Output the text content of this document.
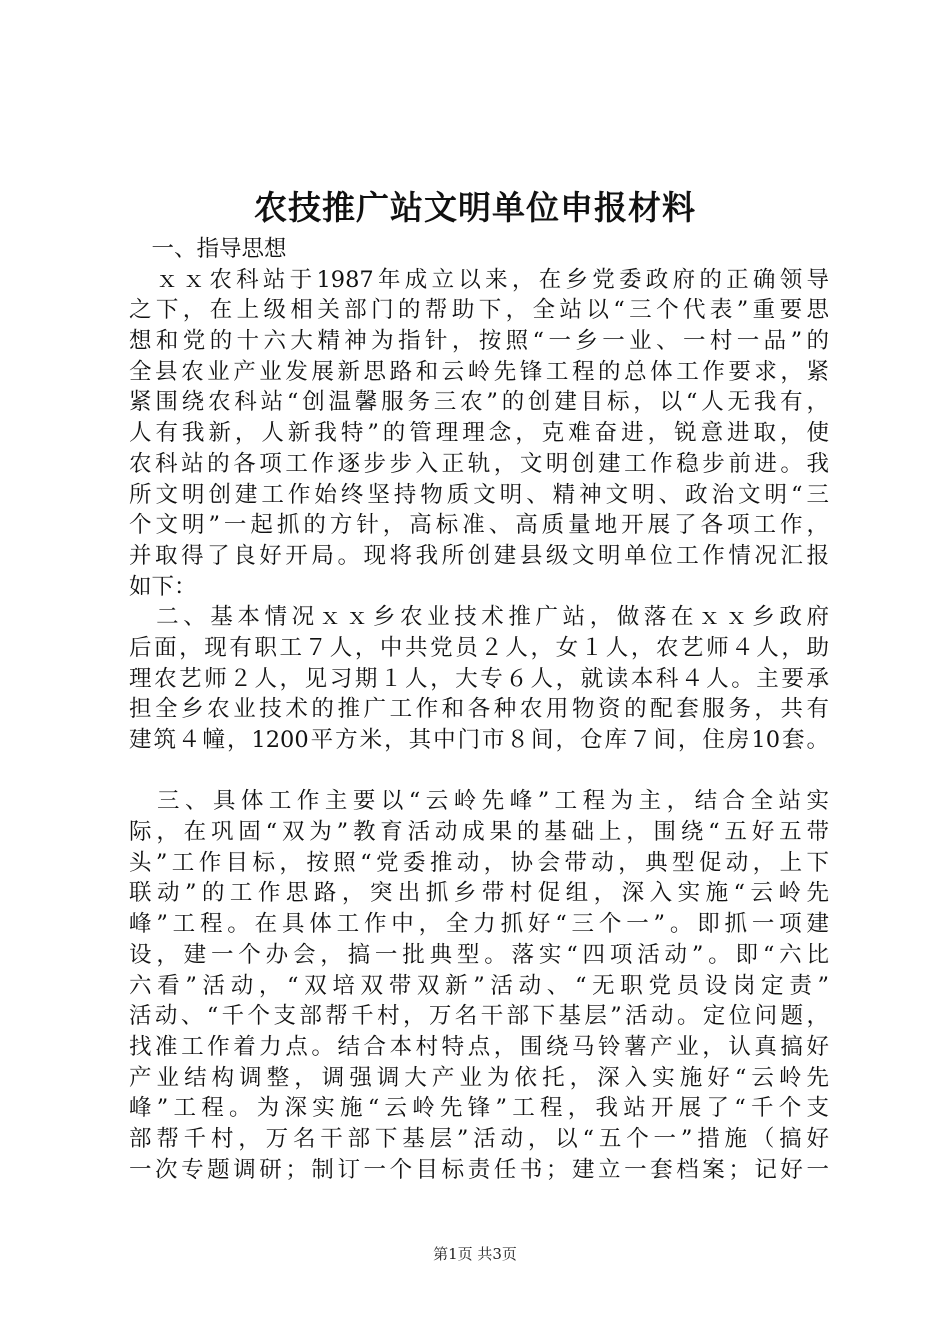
农技推广站文明单位申报材料
　一、指导思想
　ｘｘ农科站于1987年成立以来，在乡党委政府的正确领导
之下，在上级相关部门的帮助下，全站以“三个代表”重要思
想和党的十六大精神为指针，按照“一乡一业、一村一品”的
全县农业产业发展新思路和云岭先锋工程的总体工作要求，紧
紧围绕农科站“创温馨服务三农”的创建目标，以“人无我有，
人有我新，人新我特”的管理理念，克难奋进，锐意进取，使
农科站的各项工作逐步步入正轨，文明创建工作稳步前进。我
所文明创建工作始终坚持物质文明、精神文明、政治文明“三
个文明”一起抓的方针，高标准、高质量地开展了各项工作，
并取得了良好开局。现将我所创建县级文明单位工作情况汇报
如下：
　二、基本情况ｘｘ乡农业技术推广站，做落在ｘｘ乡政府
后面，现有职工７人，中共党员２人，女１人，农艺师４人，助
理农艺师２人，见习期１人，大专６人，就读本科４人。主要承
担全乡农业技术的推广工作和各种农用物资的配套服务，共有
建筑４幢，1200平方米，其中门市８间，仓库７间，住房10套。
　三、具体工作主要以“云岭先峰”工程为主，结合全站实
际，在巩固“双为”教育活动成果的基础上，围绕“五好五带
头”工作目标，按照“党委推动，协会带动，典型促动，上下
联动”的工作思路，突出抓乡带村促组，深入实施“云岭先
峰”工程。在具体工作中，全力抓好“三个一”。即抓一项建
设，建一个办会，搞一批典型。落实“四项活动”。即“六比
六看”活动，“双培双带双新”活动、“无职党员设岗定责”
活动、“千个支部帮千村，万名干部下基层”活动。定位问题，
找准工作着力点。结合本村特点，围绕马铃薯产业，认真搞好
产业结构调整，调强调大产业为依托，深入实施好“云岭先
峰”工程。为深实施“云岭先锋”工程，我站开展了“千个支
部帮千村，万名干部下基层”活动，以“五个一”措施（搞好
一次专题调研；制订一个目标责任书；建立一套档案；记好一
第1页 共3页
